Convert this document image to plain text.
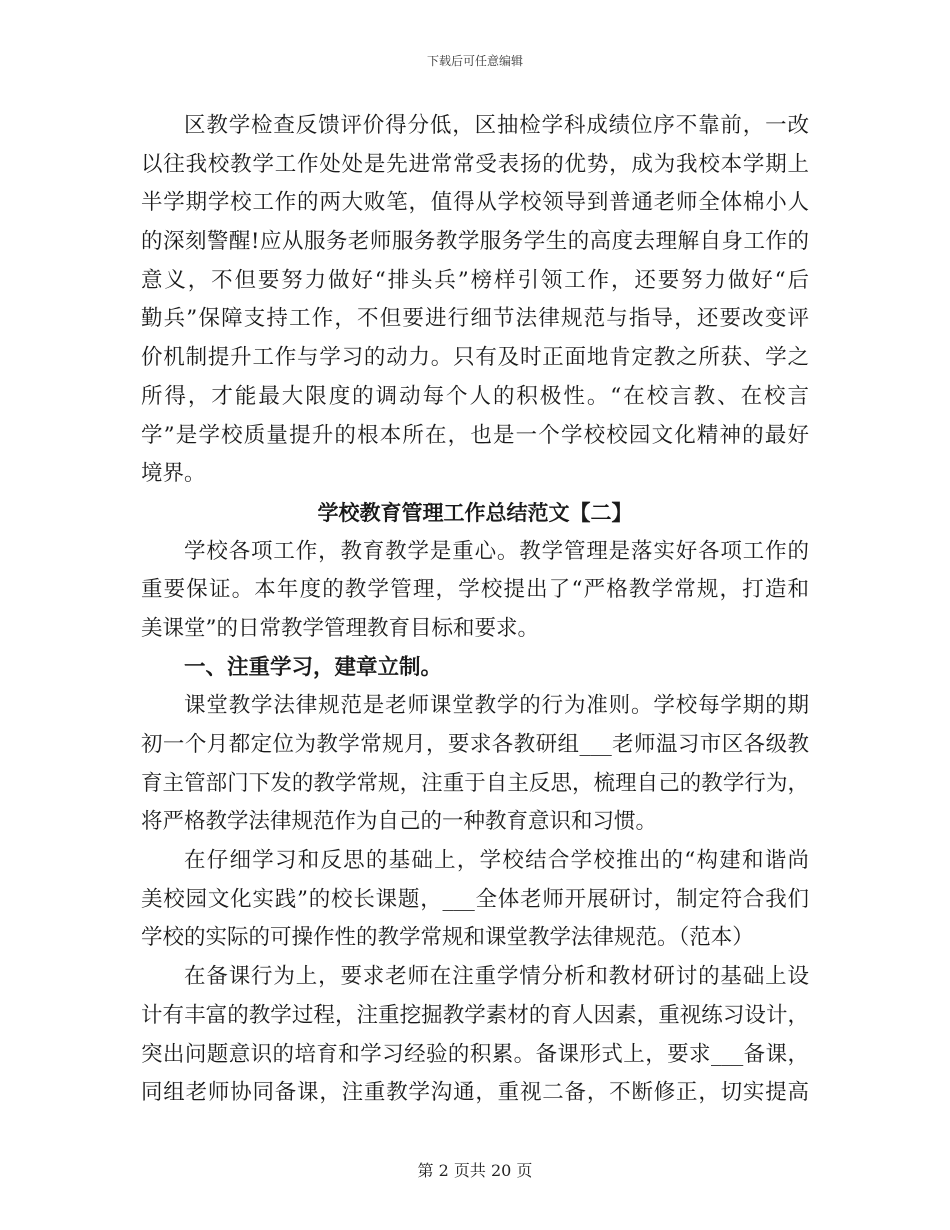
下载后可任意编辑
区教学检查反馈评价得分低，区抽检学科成绩位序不靠前，一改
以往我校教学工作处处是先进常常受表扬的优势，成为我校本学期上
半学期学校工作的两大败笔，值得从学校领导到普通老师全体棉小人
的深刻警醒!应从服务老师服务教学服务学生的高度去理解自身工作的
意义，不但要努力做好“排头兵”榜样引领工作，还要努力做好“后
勤兵”保障支持工作，不但要进行细节法律规范与指导，还要改变评
价机制提升工作与学习的动力。只有及时正面地肯定教之所获、学之
所得，才能最大限度的调动每个人的积极性。“在校言教、在校言
学”是学校质量提升的根本所在，也是一个学校校园文化精神的最好
境界。
学校教育管理工作总结范文【二】
学校各项工作，教育教学是重心。教学管理是落实好各项工作的
重要保证。本年度的教学管理，学校提出了“严格教学常规，打造和
美课堂”的日常教学管理教育目标和要求。
一、注重学习，建章立制。
课堂教学法律规范是老师课堂教学的行为准则。学校每学期的期
初一个月都定位为教学常规月，要求各教研组___老师温习市区各级教
育主管部门下发的教学常规，注重于自主反思，梳理自己的教学行为，
将严格教学法律规范作为自己的一种教育意识和习惯。
在仔细学习和反思的基础上，学校结合学校推出的“构建和谐尚
美校园文化实践”的校长课题，___全体老师开展研讨，制定符合我们
学校的实际的可操作性的教学常规和课堂教学法律规范。（范本）
在备课行为上，要求老师在注重学情分析和教材研讨的基础上设
计有丰富的教学过程，注重挖掘教学素材的育人因素，重视练习设计，
突出问题意识的培育和学习经验的积累。备课形式上，要求___备课，
同组老师协同备课，注重教学沟通，重视二备，不断修正，切实提高
第 2 页共 20 页
